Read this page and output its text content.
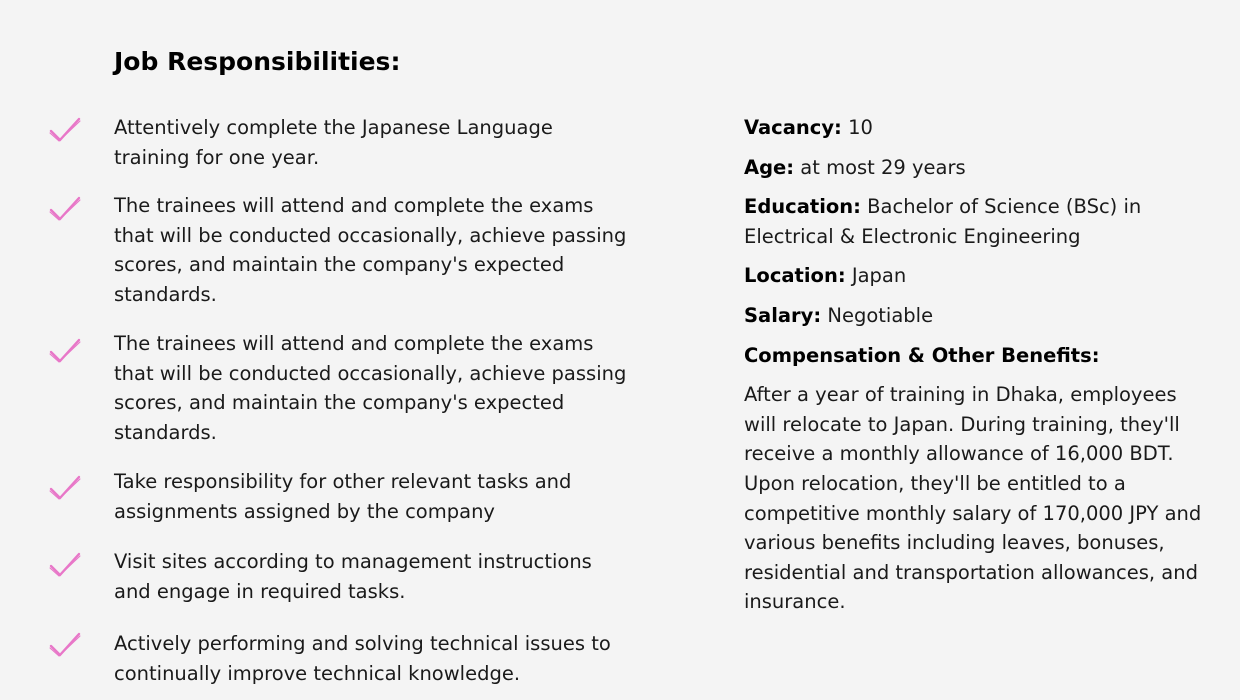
Job Responsibilities:
Attentively complete the Japanese Language training for one year.
The trainees will attend and complete the exams that will be conducted occasionally, achieve passing scores, and maintain the company's expected standards.
The trainees will attend and complete the exams that will be conducted occasionally, achieve passing scores, and maintain the company's expected standards.
Take responsibility for other relevant tasks and assignments assigned by the company
Visit sites according to management instructions and engage in required tasks.
Actively performing and solving technical issues to continually improve technical knowledge.

Vacancy: 10

Age: at most 29 years

Education: Bachelor of Science (BSc) in Electrical & Electronic Engineering

Location: Japan

Salary: Negotiable

Compensation & Other Benefits:

After a year of training in Dhaka, employees will relocate to Japan. During training, they'll receive a monthly allowance of 16,000 BDT. Upon relocation, they'll be entitled to a competitive monthly salary of 170,000 JPY and various benefits including leaves, bonuses, residential and transportation allowances, and insurance.
